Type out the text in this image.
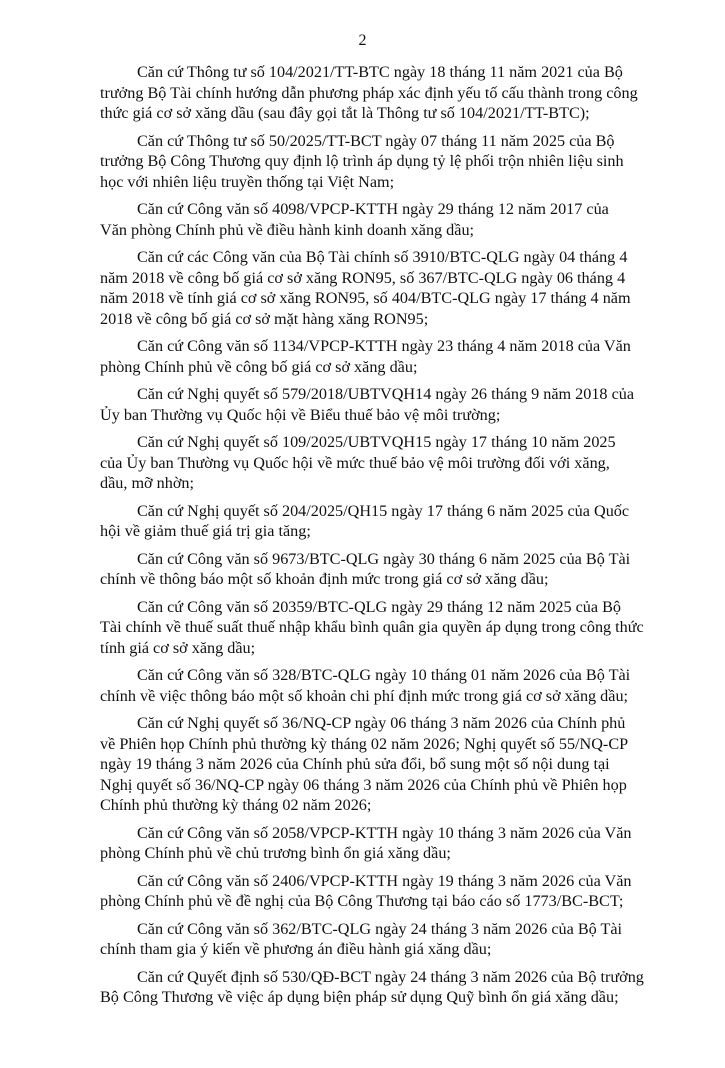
2

Căn cứ Thông tư số 104/2021/TT-BTC ngày 18 tháng 11 năm 2021 của Bộ
trưởng Bộ Tài chính hướng dẫn phương pháp xác định yếu tố cấu thành trong công
thức giá cơ sở xăng dầu (sau đây gọi tắt là Thông tư số 104/2021/TT-BTC);

Căn cứ Thông tư số 50/2025/TT-BCT ngày 07 tháng 11 năm 2025 của Bộ
trưởng Bộ Công Thương quy định lộ trình áp dụng tỷ lệ phối trộn nhiên liệu sinh
học với nhiên liệu truyền thống tại Việt Nam;

Căn cứ Công văn số 4098/VPCP-KTTH ngày 29 tháng 12 năm 2017 của
Văn phòng Chính phủ về điều hành kinh doanh xăng dầu;

Căn cứ các Công văn của Bộ Tài chính số 3910/BTC-QLG ngày 04 tháng 4
năm 2018 về công bố giá cơ sở xăng RON95, số 367/BTC-QLG ngày 06 tháng 4
năm 2018 về tính giá cơ sở xăng RON95, số 404/BTC-QLG ngày 17 tháng 4 năm
2018 về công bố giá cơ sở mặt hàng xăng RON95;

Căn cứ Công văn số 1134/VPCP-KTTH ngày 23 tháng 4 năm 2018 của Văn
phòng Chính phủ về công bố giá cơ sở xăng dầu;

Căn cứ Nghị quyết số 579/2018/UBTVQH14 ngày 26 tháng 9 năm 2018 của
Ủy ban Thường vụ Quốc hội về Biểu thuế bảo vệ môi trường;

Căn cứ Nghị quyết số 109/2025/UBTVQH15 ngày 17 tháng 10 năm 2025
của Ủy ban Thường vụ Quốc hội về mức thuế bảo vệ môi trường đối với xăng,
dầu, mỡ nhờn;

Căn cứ Nghị quyết số 204/2025/QH15 ngày 17 tháng 6 năm 2025 của Quốc
hội về giảm thuế giá trị gia tăng;

Căn cứ Công văn số 9673/BTC-QLG ngày 30 tháng 6 năm 2025 của Bộ Tài
chính về thông báo một số khoản định mức trong giá cơ sở xăng dầu;

Căn cứ Công văn số 20359/BTC-QLG ngày 29 tháng 12 năm 2025 của Bộ
Tài chính về thuế suất thuế nhập khẩu bình quân gia quyền áp dụng trong công thức
tính giá cơ sở xăng dầu;

Căn cứ Công văn số 328/BTC-QLG ngày 10 tháng 01 năm 2026 của Bộ Tài
chính về việc thông báo một số khoản chi phí định mức trong giá cơ sở xăng dầu;

Căn cứ Nghị quyết số 36/NQ-CP ngày 06 tháng 3 năm 2026 của Chính phủ
về Phiên họp Chính phủ thường kỳ tháng 02 năm 2026; Nghị quyết số 55/NQ-CP
ngày 19 tháng 3 năm 2026 của Chính phủ sửa đổi, bổ sung một số nội dung tại
Nghị quyết số 36/NQ-CP ngày 06 tháng 3 năm 2026 của Chính phủ về Phiên họp
Chính phủ thường kỳ tháng 02 năm 2026;

Căn cứ Công văn số 2058/VPCP-KTTH ngày 10 tháng 3 năm 2026 của Văn
phòng Chính phủ về chủ trương bình ổn giá xăng dầu;

Căn cứ Công văn số 2406/VPCP-KTTH ngày 19 tháng 3 năm 2026 của Văn
phòng Chính phủ về đề nghị của Bộ Công Thương tại báo cáo số 1773/BC-BCT;

Căn cứ Công văn số 362/BTC-QLG ngày 24 tháng 3 năm 2026 của Bộ Tài
chính tham gia ý kiến về phương án điều hành giá xăng dầu;

Căn cứ Quyết định số 530/QĐ-BCT ngày 24 tháng 3 năm 2026 của Bộ trưởng
Bộ Công Thương về việc áp dụng biện pháp sử dụng Quỹ bình ổn giá xăng dầu;
